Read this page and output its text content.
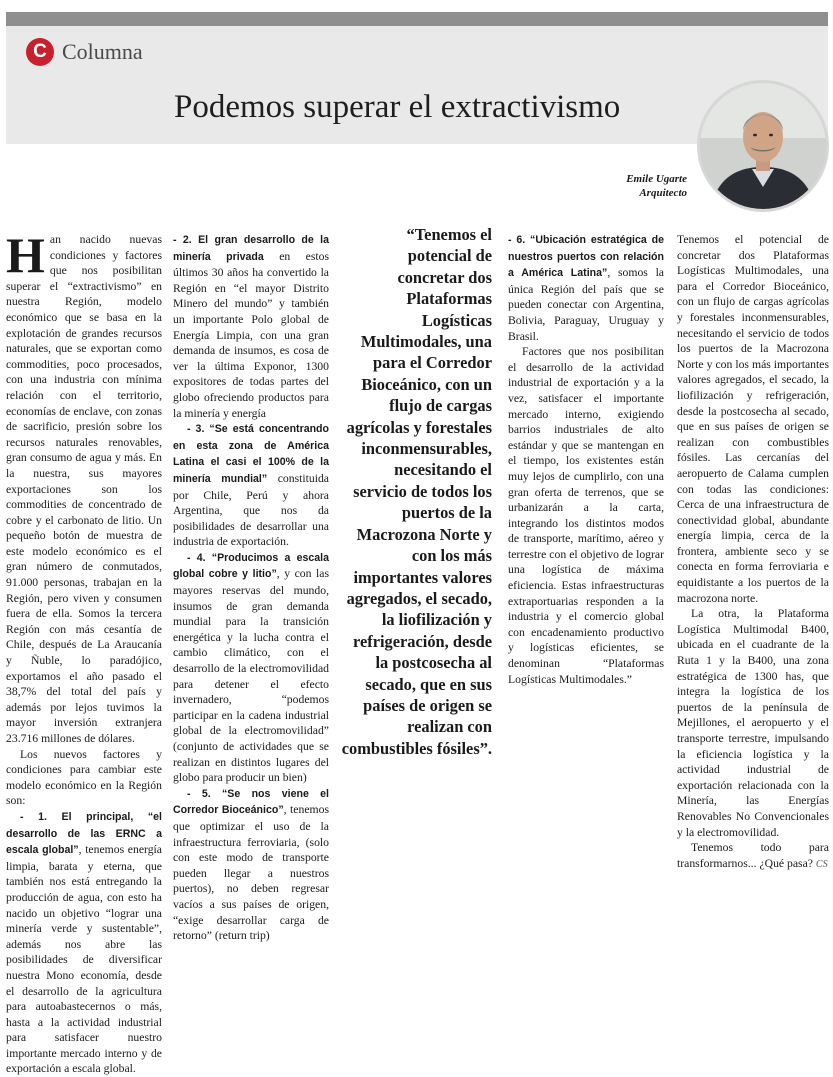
C Columna
Podemos superar el extractivismo
Emile Ugarte
Arquitecto

Han nacido nuevas condiciones y factores que nos posibilitan superar el “extractivismo” en nuestra Región, modelo económico que se basa en la explotación de grandes recursos naturales, que se exportan como commodities, poco procesados, con una industria con mínima relación con el territorio, economías de enclave, con zonas de sacrificio, presión sobre los recursos naturales renovables, gran consumo de agua y más. En la nuestra, sus mayores exportaciones son los commodities de concentrado de cobre y el carbonato de litio. Un pequeño botón de muestra de este modelo económico es el gran número de conmutados, 91.000 personas, trabajan en la Región, pero viven y consumen fuera de ella. Somos la tercera Región con más cesantía de Chile, después de La Araucanía y Ñuble, lo paradójico, exportamos el año pasado el 38,7% del total del país y además por lejos tuvimos la mayor inversión extranjera 23.716 millones de dólares.

Los nuevos factores y condiciones para cambiar este modelo económico en la Región son:

- 1. El principal, “el desarrollo de las ERNC a escala global”, tenemos energía limpia, barata y eterna, que también nos está entregando la producción de agua, con esto ha nacido un objetivo “lograr una minería verde y sustentable”, además nos abre las posibilidades de diversificar nuestra Mono economía, desde el desarrollo de la agricultura para autoabastecernos o más, hasta a la actividad industrial para satisfacer nuestro importante mercado interno y de exportación a escala global.

- 2. El gran desarrollo de la minería privada en estos últimos 30 años ha convertido la Región en “el mayor Distrito Minero del mundo” y también un importante Polo global de Energía Limpia, con una gran demanda de insumos, es cosa de ver la última Exponor, 1300 expositores de todas partes del globo ofreciendo productos para la minería y energía

- 3. “Se está concentrando en esta zona de América Latina el casi el 100% de la minería mundial” constituida por Chile, Perú y ahora Argentina, que nos da posibilidades de desarrollar una industria de exportación.

- 4. “Producimos a escala global cobre y litio”, y con las mayores reservas del mundo, insumos de gran demanda mundial para la transición energética y la lucha contra el cambio climático, con el desarrollo de la electromovilidad para detener el efecto invernadero, “podemos participar en la cadena industrial global de la electromovilidad” (conjunto de actividades que se realizan en distintos lugares del globo para producir un bien)

- 5. “Se nos viene el Corredor Bioceánico”, tenemos que optimizar el uso de la infraestructura ferroviaria, (solo con este modo de transporte pueden llegar a nuestros puertos), no deben regresar vacíos a sus países de origen, “exige desarrollar carga de retorno” (return trip)

“Tenemos el potencial de concretar dos Plataformas Logísticas Multimodales, una para el Corredor Bioceánico, con un flujo de cargas agrícolas y forestales inconmensurables, necesitando el servicio de todos los puertos de la Macrozona Norte y con los más importantes valores agregados, el secado, la liofilización y refrigeración, desde la postcosecha al secado, que en sus países de origen se realizan con combustibles fósiles”.

- 6. “Ubicación estratégica de nuestros puertos con relación a América Latina”, somos la única Región del país que se pueden conectar con Argentina, Bolivia, Paraguay, Uruguay y Brasil.

Factores que nos posibilitan el desarrollo de la actividad industrial de exportación y a la vez, satisfacer el importante mercado interno, exigiendo barrios industriales de alto estándar y que se mantengan en el tiempo, los existentes están muy lejos de cumplirlo, con una gran oferta de terrenos, que se urbanizarán a la carta, integrando los distintos modos de transporte, marítimo, aéreo y terrestre con el objetivo de lograr una logística de máxima eficiencia. Estas infraestructuras extraportuarias responden a la industria y el comercio global con encadenamiento productivo y logísticas eficientes, se denominan “Plataformas Logísticas Multimodales.”

Tenemos el potencial de concretar dos Plataformas Logísticas Multimodales, una para el Corredor Bioceánico, con un flujo de cargas agrícolas y forestales inconmensurables, necesitando el servicio de todos los puertos de la Macrozona Norte y con los más importantes valores agregados, el secado, la liofilización y refrigeración, desde la postcosecha al secado, que en sus países de origen se realizan con combustibles fósiles. Las cercanías del aeropuerto de Calama cumplen con todas las condiciones: Cerca de una infraestructura de conectividad global, abundante energía limpia, cerca de la frontera, ambiente seco y se conecta en forma ferroviaria e equidistante a los puertos de la macrozona norte.

La otra, la Plataforma Logística Multimodal B400, ubicada en el cuadrante de la Ruta 1 y la B400, una zona estratégica de 1300 has, que integra la logística de los puertos de la península de Mejillones, el aeropuerto y el transporte terrestre, impulsando la eficiencia logística y la actividad industrial de exportación relacionada con la Minería, las Energías Renovables No Convencionales y la electromovilidad.

Tenemos todo para transformarnos... ¿Qué pasa? CS
